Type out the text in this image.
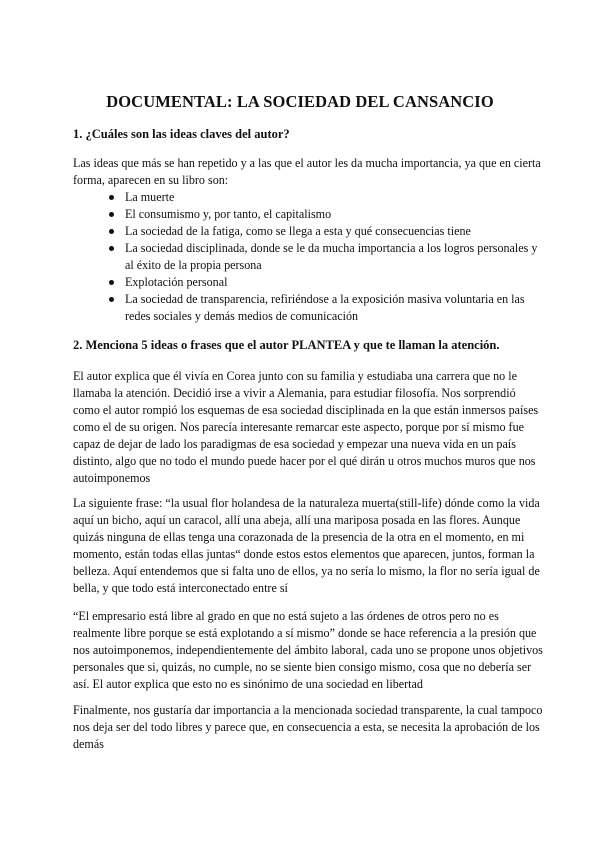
DOCUMENTAL: LA SOCIEDAD DEL CANSANCIO
1. ¿Cuáles son las ideas claves del autor?
Las ideas que más se han repetido y a las que el autor les da mucha importancia, ya que en cierta forma, aparecen en su libro son:
La muerte
El consumismo y, por tanto, el capitalismo
La sociedad de la fatiga, como se llega a esta y qué consecuencias tiene
La sociedad disciplinada, donde se le da mucha importancia a los logros personales y al éxito de la propia persona
Explotación personal
La sociedad de transparencia, refiriéndose a la exposición masiva voluntaria en las redes sociales y demás medios de comunicación
2. Menciona 5 ideas o frases que el autor PLANTEA y que te llaman la atención.
El autor explica que él vivía en Corea junto con su familia y estudiaba una carrera que no le llamaba la atención. Decidió irse a vivir a Alemania, para estudiar filosofía. Nos sorprendió como el autor rompió los esquemas de esa sociedad disciplinada en la que están inmersos países como el de su origen. Nos parecía interesante remarcar este aspecto, porque por sí mismo fue capaz de dejar de lado los paradigmas de esa sociedad y empezar una nueva vida en un país distinto, algo que no todo el mundo puede hacer por el qué dirán u otros muchos muros que nos autoimponemos
La siguiente frase: “la usual flor holandesa de la naturaleza muerta(still-life) dónde como la vida aquí un bicho, aquí un caracol, allí una abeja, allí una mariposa posada en las flores. Aunque quizás ninguna de ellas tenga una corazonada de la presencia de la otra en el momento, en mi momento, están todas ellas juntas“ donde estos estos elementos que aparecen, juntos, forman la belleza. Aquí entendemos que si falta uno de ellos, ya no sería lo mismo, la flor no sería igual de bella, y que todo está interconectado entre sí
“El empresario está libre al grado en que no está sujeto a las órdenes de otros pero no es realmente libre porque se está explotando a sí mismo” donde se hace referencia a la presión que nos autoimponemos, independientemente del ámbito laboral, cada uno se propone unos objetivos personales que si, quizás, no cumple, no se siente bien consigo mismo, cosa que no debería ser así. El autor explica que esto no es sinónimo de una sociedad en libertad
Finalmente, nos gustaría dar importancia a la mencionada sociedad transparente, la cual tampoco nos deja ser del todo libres y parece que, en consecuencia a esta, se necesita la aprobación de los demás
